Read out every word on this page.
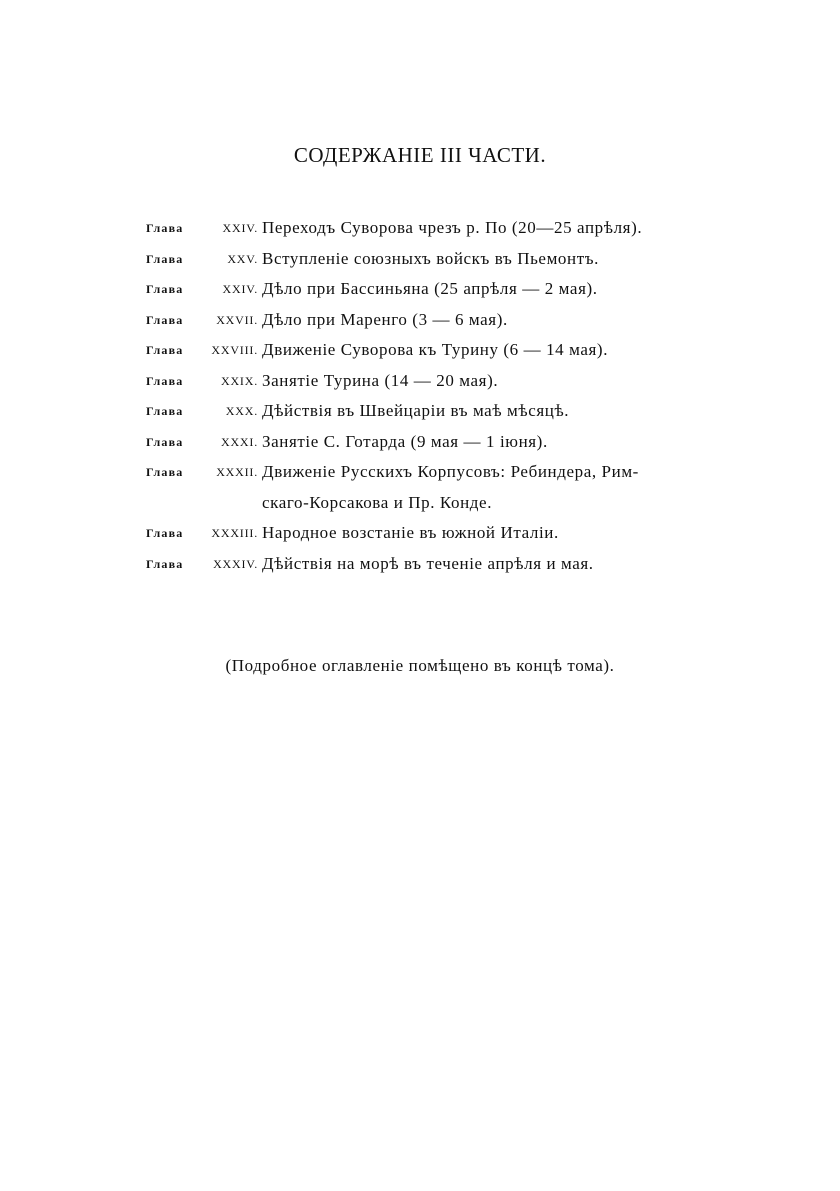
СОДЕРЖАНІЕ III ЧАСТИ.
Глава	XXIV. Переходъ Суворова чрезъ р. По (20—25 апрѣля).
Глава	XXV. Вступленіе союзныхъ войскъ въ Пьемонтъ.
Глава	XXIV. Дѣло при Бассиньяна (25 апрѣля — 2 мая).
Глава	XXVII. Дѣло при Маренго (3 — 6 мая).
Глава XXVIII. Движеніе Суворова къ Турину (6 — 14 мая).
Глава	XXIX. Занятіе Турина (14 — 20 мая).
Глава	XXX. Дѣйствія въ Швейцаріи въ маѣ мѣсяцѣ.
Глава	XXXI. Занятіе С. Готарда (9 мая — 1 іюня).
Глава	XXXII. Движеніе Русскихъ Корпусовъ: Ребиндера, Рим-
скаго-Корсакова и Пр. Конде.
Глава XXXIII. Народное возстаніе въ южной Италіи.
Глава XXXIV. Дѣйствія на морѣ въ теченіе апрѣля и мая.
(Подробное оглавленіе помѣщено въ концѣ тома).
